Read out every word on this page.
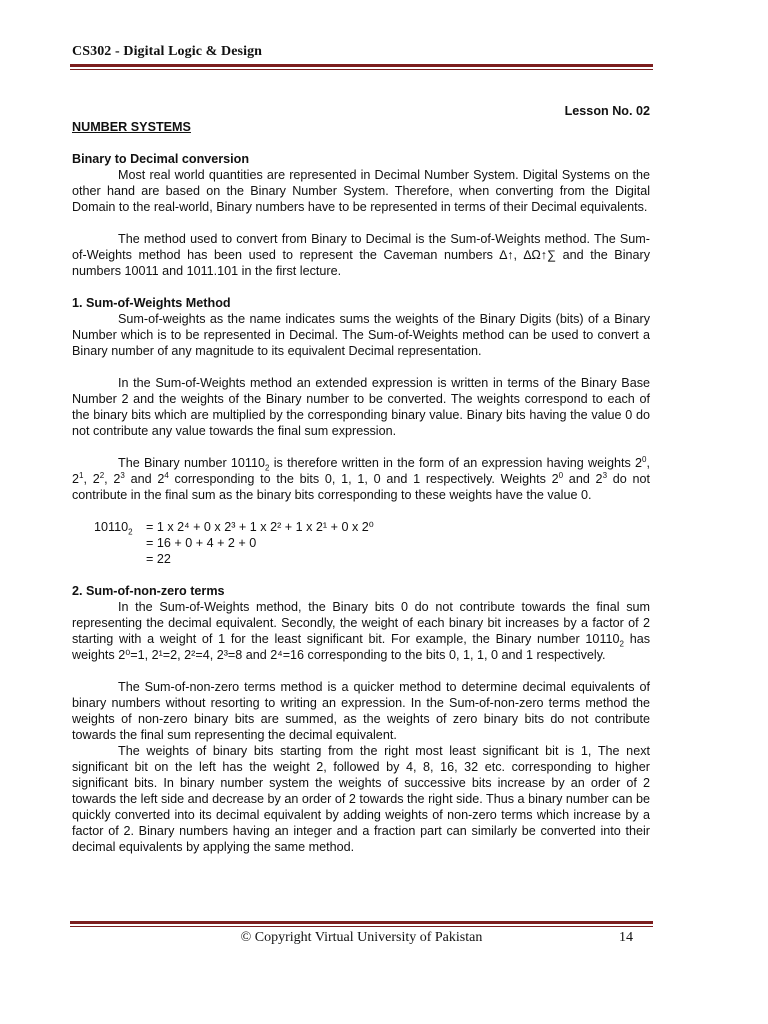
CS302 - Digital Logic & Design
Lesson No. 02
NUMBER SYSTEMS
Binary to Decimal conversion

Most real world quantities are represented in Decimal Number System. Digital Systems on the other hand are based on the Binary Number System. Therefore, when converting from the Digital Domain to the real-world, Binary numbers have to be represented in terms of their Decimal equivalents.

The method used to convert from Binary to Decimal is the Sum-of-Weights method. The Sum-of-Weights method has been used to represent the Caveman numbers ∆↑, ∆Ω↑∑ and the Binary numbers 10011 and 1011.101 in the first lecture.

1. Sum-of-Weights Method

Sum-of-weights as the name indicates sums the weights of the Binary Digits (bits) of a Binary Number which is to be represented in Decimal. The Sum-of-Weights method can be used to convert a Binary number of any magnitude to its equivalent Decimal representation.

In the Sum-of-Weights method an extended expression is written in terms of the Binary Base Number 2 and the weights of the Binary number to be converted. The weights correspond to each of the binary bits which are multiplied by the corresponding binary value. Binary bits having the value 0 do not contribute any value towards the final sum expression.

The Binary number $10110_2$ is therefore written in the form of an expression having weights $2^0$, $2^1$, $2^2$, $2^3$ and $2^4$ corresponding to the bits 0, 1, 1, 0 and 1 respectively. Weights $2^0$ and $2^3$ do not contribute in the final sum as the binary bits corresponding to these weights have the value 0.

$10110_2$	= 1 x 2⁴ + 0 x 2³ + 1 x 2² + 1 x 2¹ + 0 x 2⁰
= 16 + 0 + 4 + 2 + 0
= 22
2. Sum-of-non-zero terms

In the Sum-of-Weights method, the Binary bits 0 do not contribute towards the final sum representing the decimal equivalent. Secondly, the weight of each binary bit increases by a factor of 2 starting with a weight of 1 for the least significant bit. For example, the Binary number $10110_2$ has weights 2⁰=1, 2¹=2, 2²=4, 2³=8 and 2⁴=16 corresponding to the bits 0, 1, 1, 0 and 1 respectively.

The Sum-of-non-zero terms method is a quicker method to determine decimal equivalents of binary numbers without resorting to writing an expression. In the Sum-of-non-zero terms method the weights of non-zero binary bits are summed, as the weights of zero binary bits do not contribute towards the final sum representing the decimal equivalent.

The weights of binary bits starting from the right most least significant bit is 1, The next significant bit on the left has the weight 2, followed by 4, 8, 16, 32 etc. corresponding to higher significant bits. In binary number system the weights of successive bits increase by an order of 2 towards the left side and decrease by an order of 2 towards the right side. Thus a binary number can be quickly converted into its decimal equivalent by adding weights of non-zero terms which increase by a factor of 2. Binary numbers having an integer and a fraction part can similarly be converted into their decimal equivalents by applying the same method.

© Copyright Virtual University of Pakistan	14
